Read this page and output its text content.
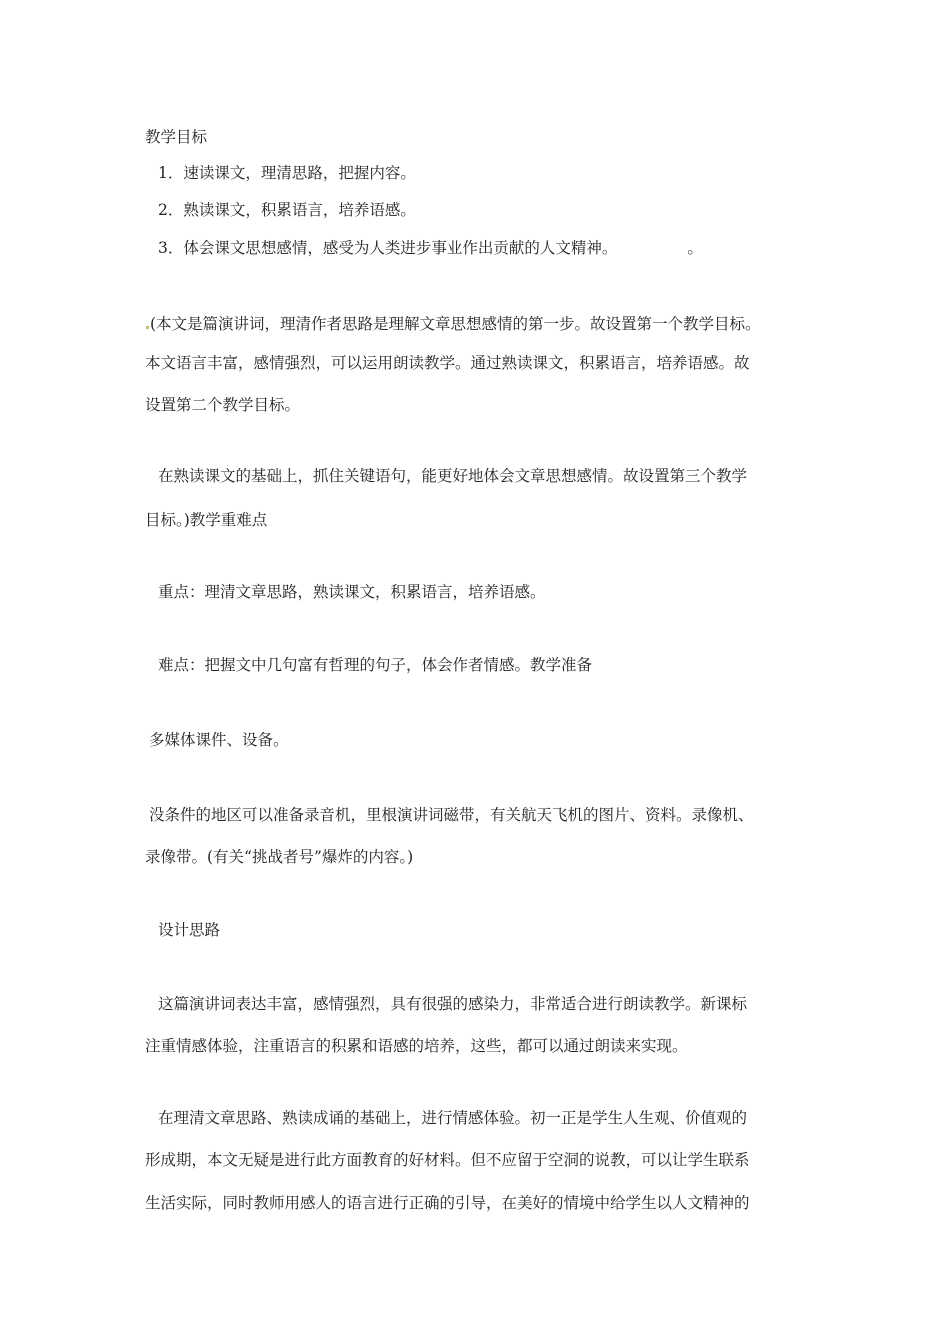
教学目标
1．速读课文，理清思路，把握内容。
2．熟读课文，积累语言，培养语感。
3．体会课文思想感情，感受为人类进步事业作出贡献的人文精神。	。
(本文是篇演讲词，理清作者思路是理解文章思想感情的第一步。故设置第一个教学目标。
本文语言丰富，感情强烈，可以运用朗读教学。通过熟读课文，积累语言，培养语感。故
设置第二个教学目标。
在熟读课文的基础上，抓住关键语句，能更好地体会文章思想感情。故设置第三个教学
目标。)教学重难点
重点：理清文章思路，熟读课文，积累语言，培养语感。
难点：把握文中几句富有哲理的句子，体会作者情感。教学准备
多媒体课件、设备。
没条件的地区可以准备录音机，里根演讲词磁带，有关航天飞机的图片、资料。录像机、
录像带。(有关“挑战者号”爆炸的内容。)
设计思路
这篇演讲词表达丰富，感情强烈，具有很强的感染力，非常适合进行朗读教学。新课标
注重情感体验，注重语言的积累和语感的培养，这些，都可以通过朗读来实现。
在理清文章思路、熟读成诵的基础上，进行情感体验。初一正是学生人生观、价值观的
形成期，本文无疑是进行此方面教育的好材料。但不应留于空洞的说教，可以让学生联系
生活实际，同时教师用感人的语言进行正确的引导，在美好的情境中给学生以人文精神的
